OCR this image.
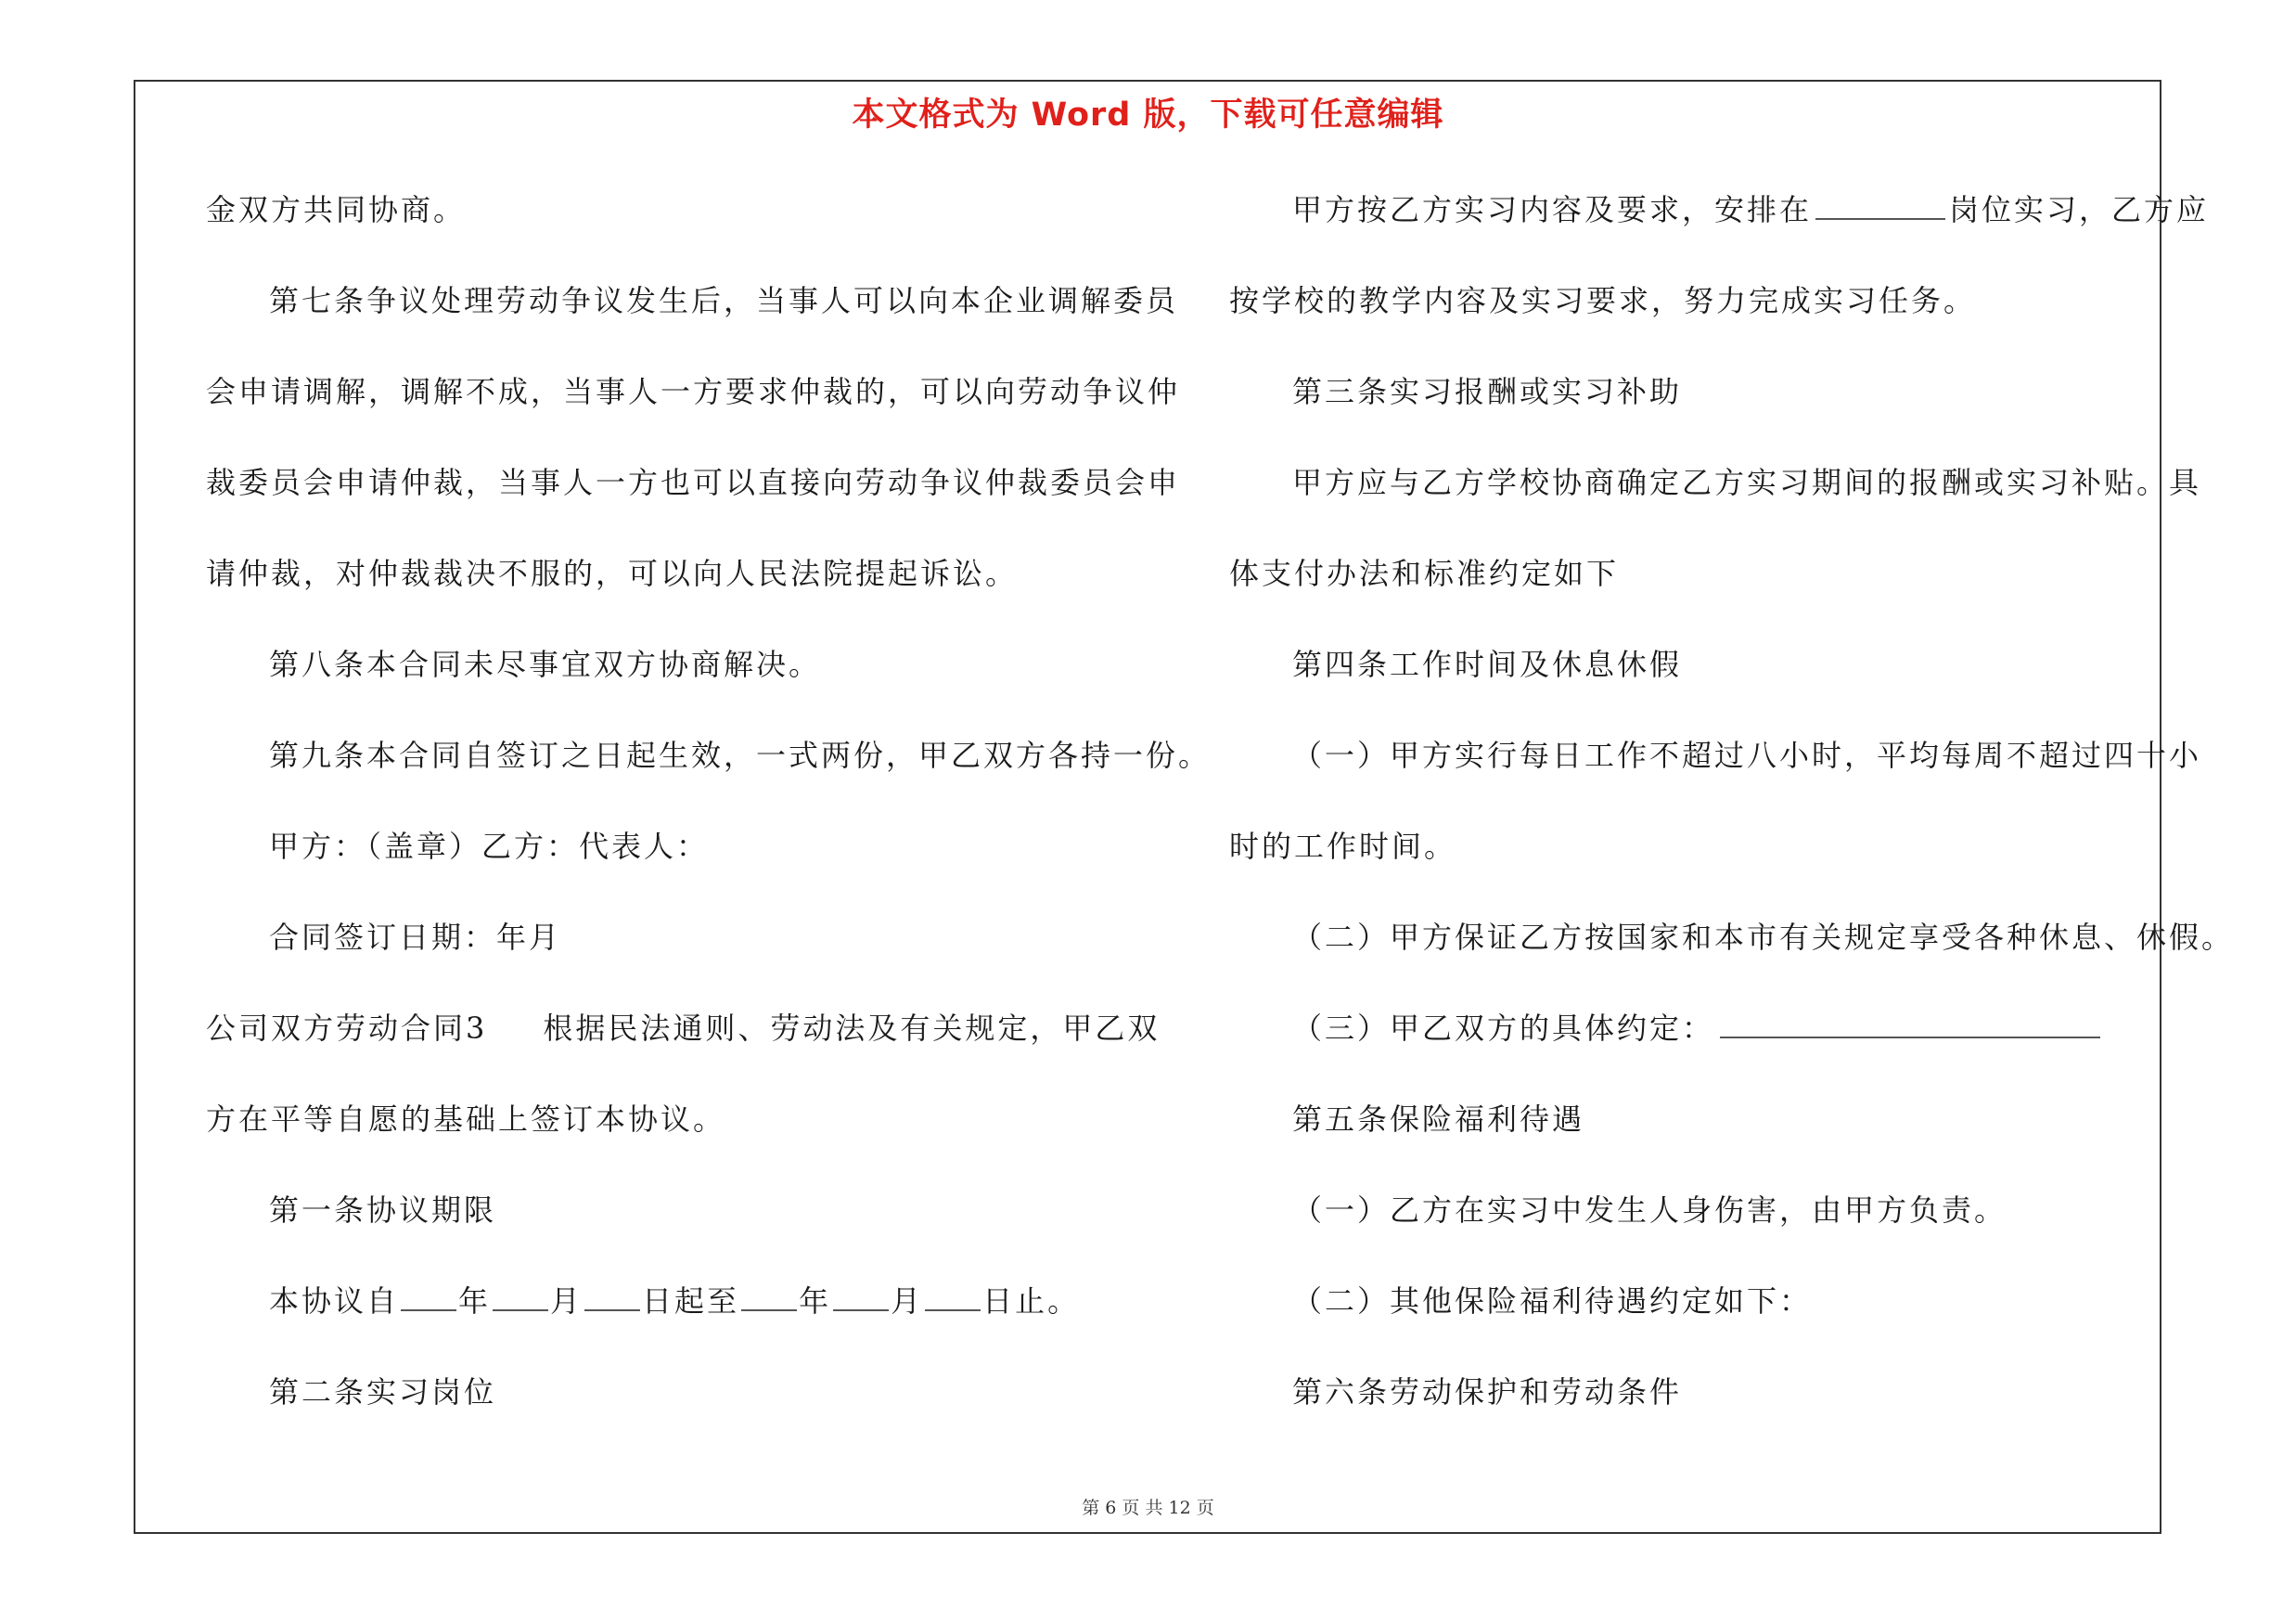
本文格式为 Word 版，下载可任意编辑
金双方共同协商。
第七条争议处理劳动争议发生后，当事人可以向本企业调解委员
会申请调解，调解不成，当事人一方要求仲裁的，可以向劳动争议仲
裁委员会申请仲裁，当事人一方也可以直接向劳动争议仲裁委员会申
请仲裁，对仲裁裁决不服的，可以向人民法院提起诉讼。
第八条本合同未尽事宜双方协商解决。
第九条本合同自签订之日起生效，一式两份，甲乙双方各持一份。
甲方：（盖章）乙方：代表人：
合同签订日期：年月
公司双方劳动合同3 根据民法通则、劳动法及有关规定，甲乙双
方在平等自愿的基础上签订本协议。
第一条协议期限
本协议自 年 月 日起至 年 月 日止。
第二条实习岗位
甲方按乙方实习内容及要求，安排在	岗位实习，乙方应
按学校的教学内容及实习要求，努力完成实习任务。
第三条实习报酬或实习补助
甲方应与乙方学校协商确定乙方实习期间的报酬或实习补贴。具
体支付办法和标准约定如下
第四条工作时间及休息休假
（一）甲方实行每日工作不超过八小时，平均每周不超过四十小
时的工作时间。
（二）甲方保证乙方按国家和本市有关规定享受各种休息、休假。
（三）甲乙双方的具体约定：
第五条保险福利待遇
（一）乙方在实习中发生人身伤害，由甲方负责。
（二）其他保险福利待遇约定如下：
第六条劳动保护和劳动条件
第 6 页 共 12 页
